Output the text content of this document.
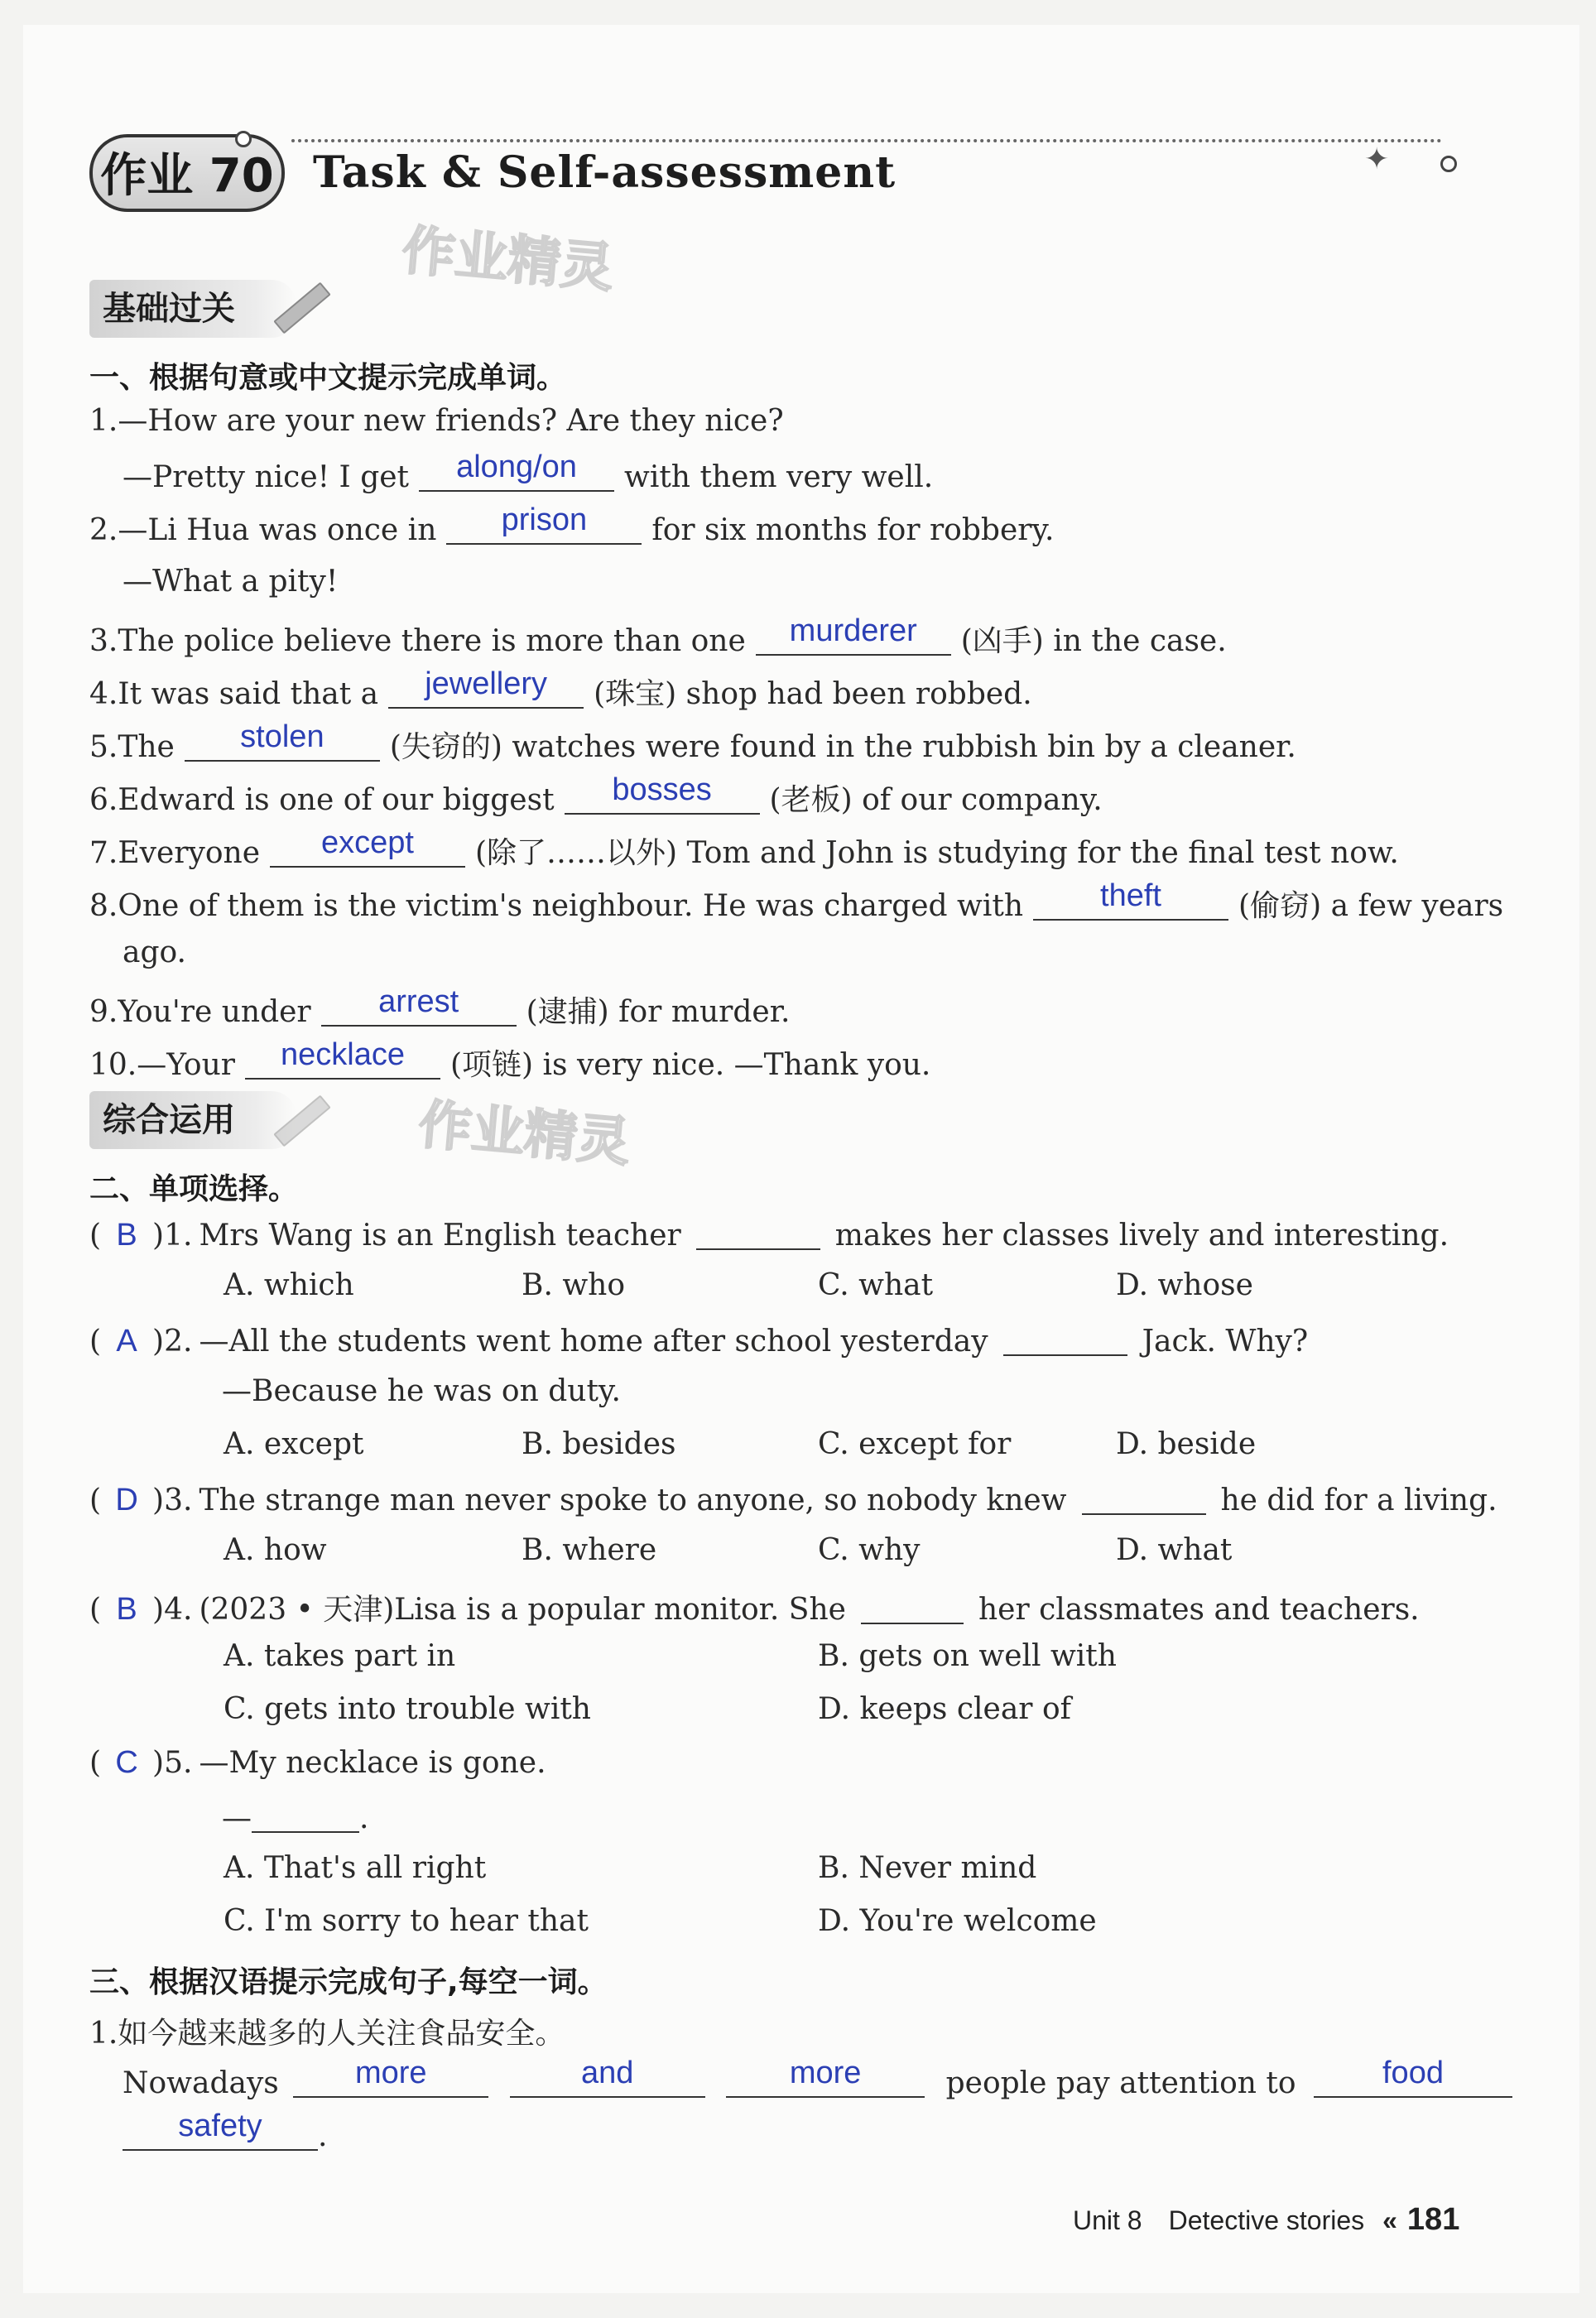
✦
作业 70 Task & Self-assessment
作业精灵
基础过关
一、根据句意或中文提示完成单词。
1.—How are your new friends? Are they nice?
—Pretty nice! I get	along/on	with them very well.
2.—Li Hua was once in	prison	for six months for robbery.
—What a pity!
3.The police believe there is more than one	murderer	(凶手) in the case.
4.It was said that a	jewellery	(珠宝) shop had been robbed.
5.The	stolen	(失窃的) watches were found in the rubbish bin by a cleaner.
6.Edward is one of our biggest	bosses	(老板) of our company.
7.Everyone	except	(除了……以外) Tom and John is studying for the final test now.
8.One of them is the victim's neighbour. He was charged with	theft	(偷窃) a few years
ago.
9.You're under	arrest	(逮捕) for murder.
10.—Your	necklace	(项链) is very nice. —Thank you.
综合运用	作业精灵
二、单项选择。
( B )1. Mrs Wang is an English teacher	makes her classes lively and interesting.
A. which	B. who	C. what	D. whose
( A )2. —All the students went home after school yesterday	Jack. Why?
—Because he was on duty.
A. except	B. besides	C. except for	D. beside
( D )3. The strange man never spoke to anyone, so nobody knew	he did for a living.
A. how	B. where	C. why	D. what
( B )4. (2023 • 天津)Lisa is a popular monitor. She	her classmates and teachers.
A. takes part in	B. gets on well with
C. gets into trouble with	D. keeps clear of
( C )5. —My necklace is gone.
—	.
A. That's all right	B. Never mind
C. I'm sorry to hear that	D. You're welcome
三、根据汉语提示完成句子,每空一词。
1.如今越来越多的人关注食品安全。
Nowadays	more
	and
	more	people pay attention to	food
safety	.
Unit 8 Detective stories « 181
